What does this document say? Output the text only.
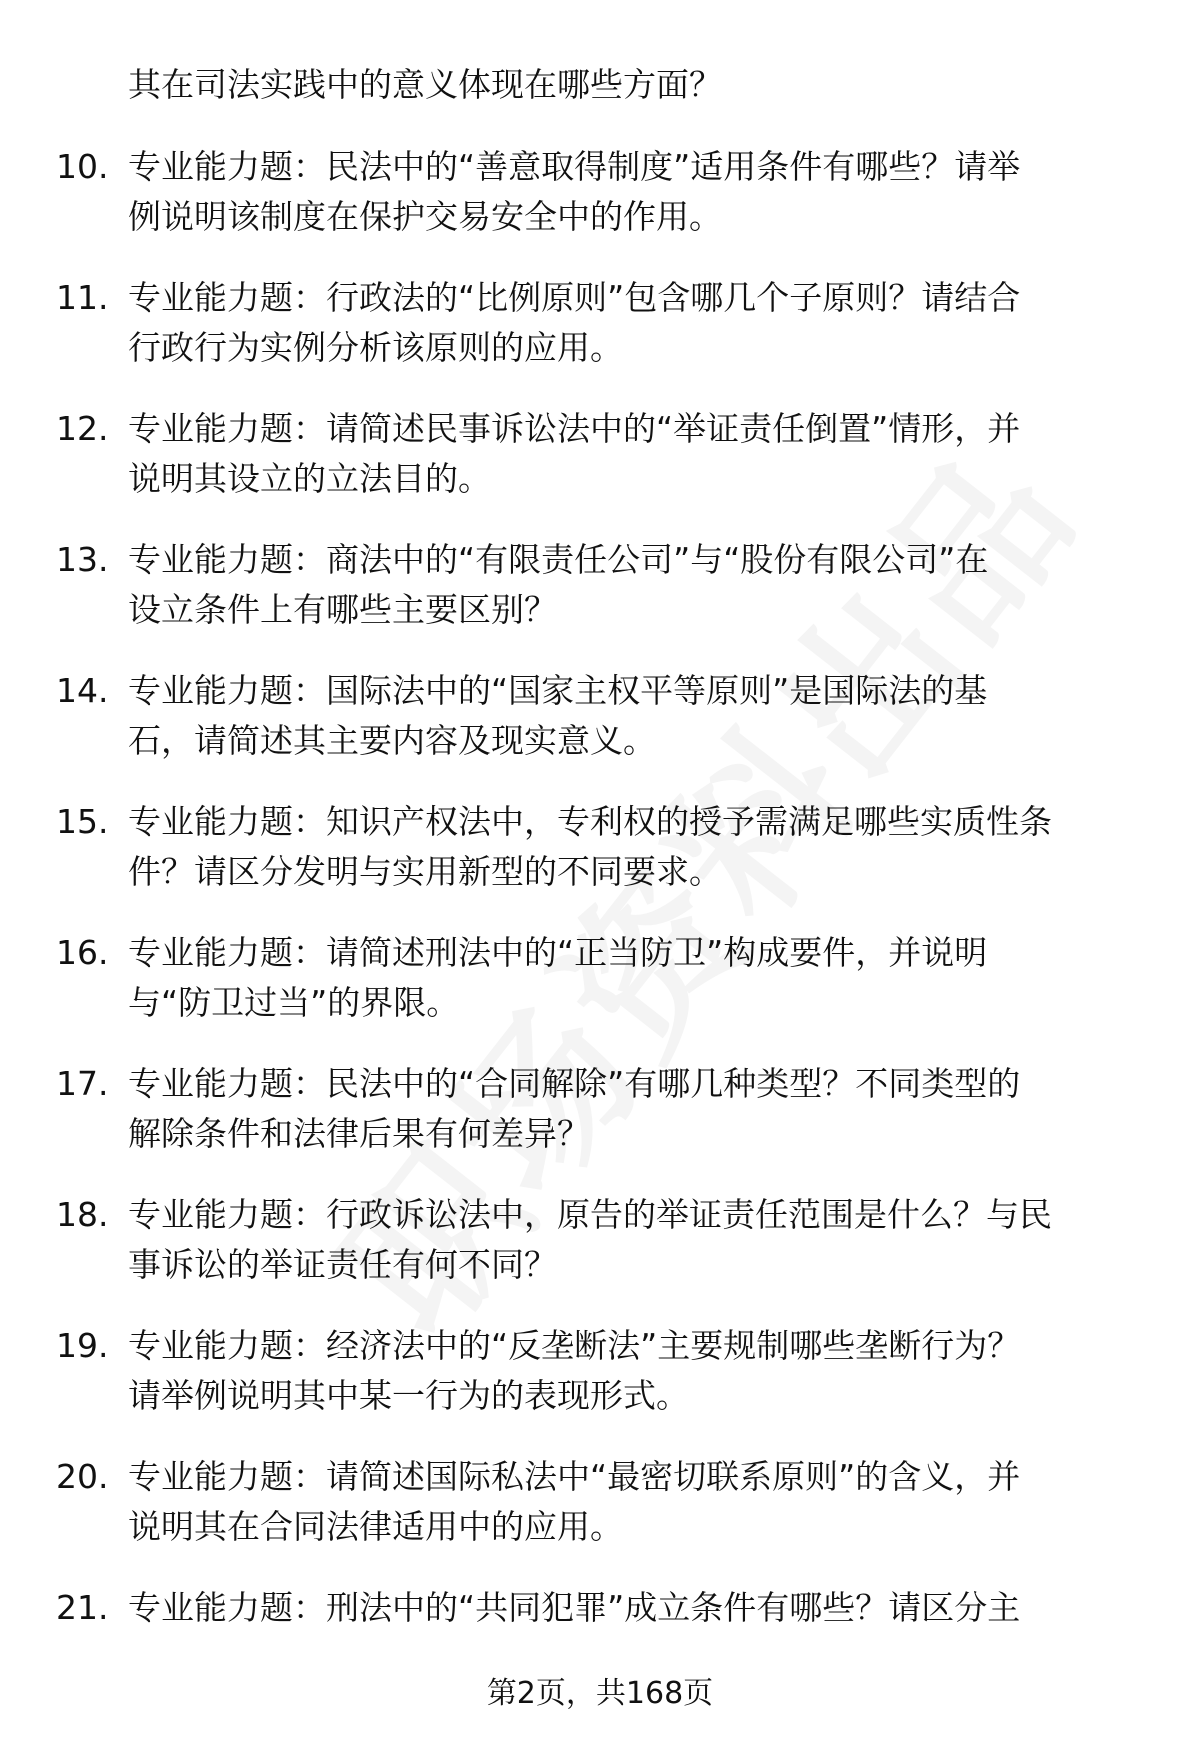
其在司法实践中的意义体现在哪些方面？
10. 专业能力题：民法中的“善意取得制度”适用条件有哪些？请举
例说明该制度在保护交易安全中的作用。
11. 专业能力题：行政法的“比例原则”包含哪几个子原则？请结合
行政行为实例分析该原则的应用。
12. 专业能力题：请简述民事诉讼法中的“举证责任倒置”情形，并
说明其设立的立法目的。
13. 专业能力题：商法中的“有限责任公司”与“股份有限公司”在
设立条件上有哪些主要区别？
14. 专业能力题：国际法中的“国家主权平等原则”是国际法的基
石，请简述其主要内容及现实意义。
15. 专业能力题：知识产权法中，专利权的授予需满足哪些实质性条
件？请区分发明与实用新型的不同要求。
16. 专业能力题：请简述刑法中的“正当防卫”构成要件，并说明
与“防卫过当”的界限。
17. 专业能力题：民法中的“合同解除”有哪几种类型？不同类型的
解除条件和法律后果有何差异？
18. 专业能力题：行政诉讼法中，原告的举证责任范围是什么？与民
事诉讼的举证责任有何不同？
19. 专业能力题：经济法中的“反垄断法”主要规制哪些垄断行为？
请举例说明其中某一行为的表现形式。
20. 专业能力题：请简述国际私法中“最密切联系原则”的含义，并
说明其在合同法律适用中的应用。
21. 专业能力题：刑法中的“共同犯罪”成立条件有哪些？请区分主
第2页，共168页
